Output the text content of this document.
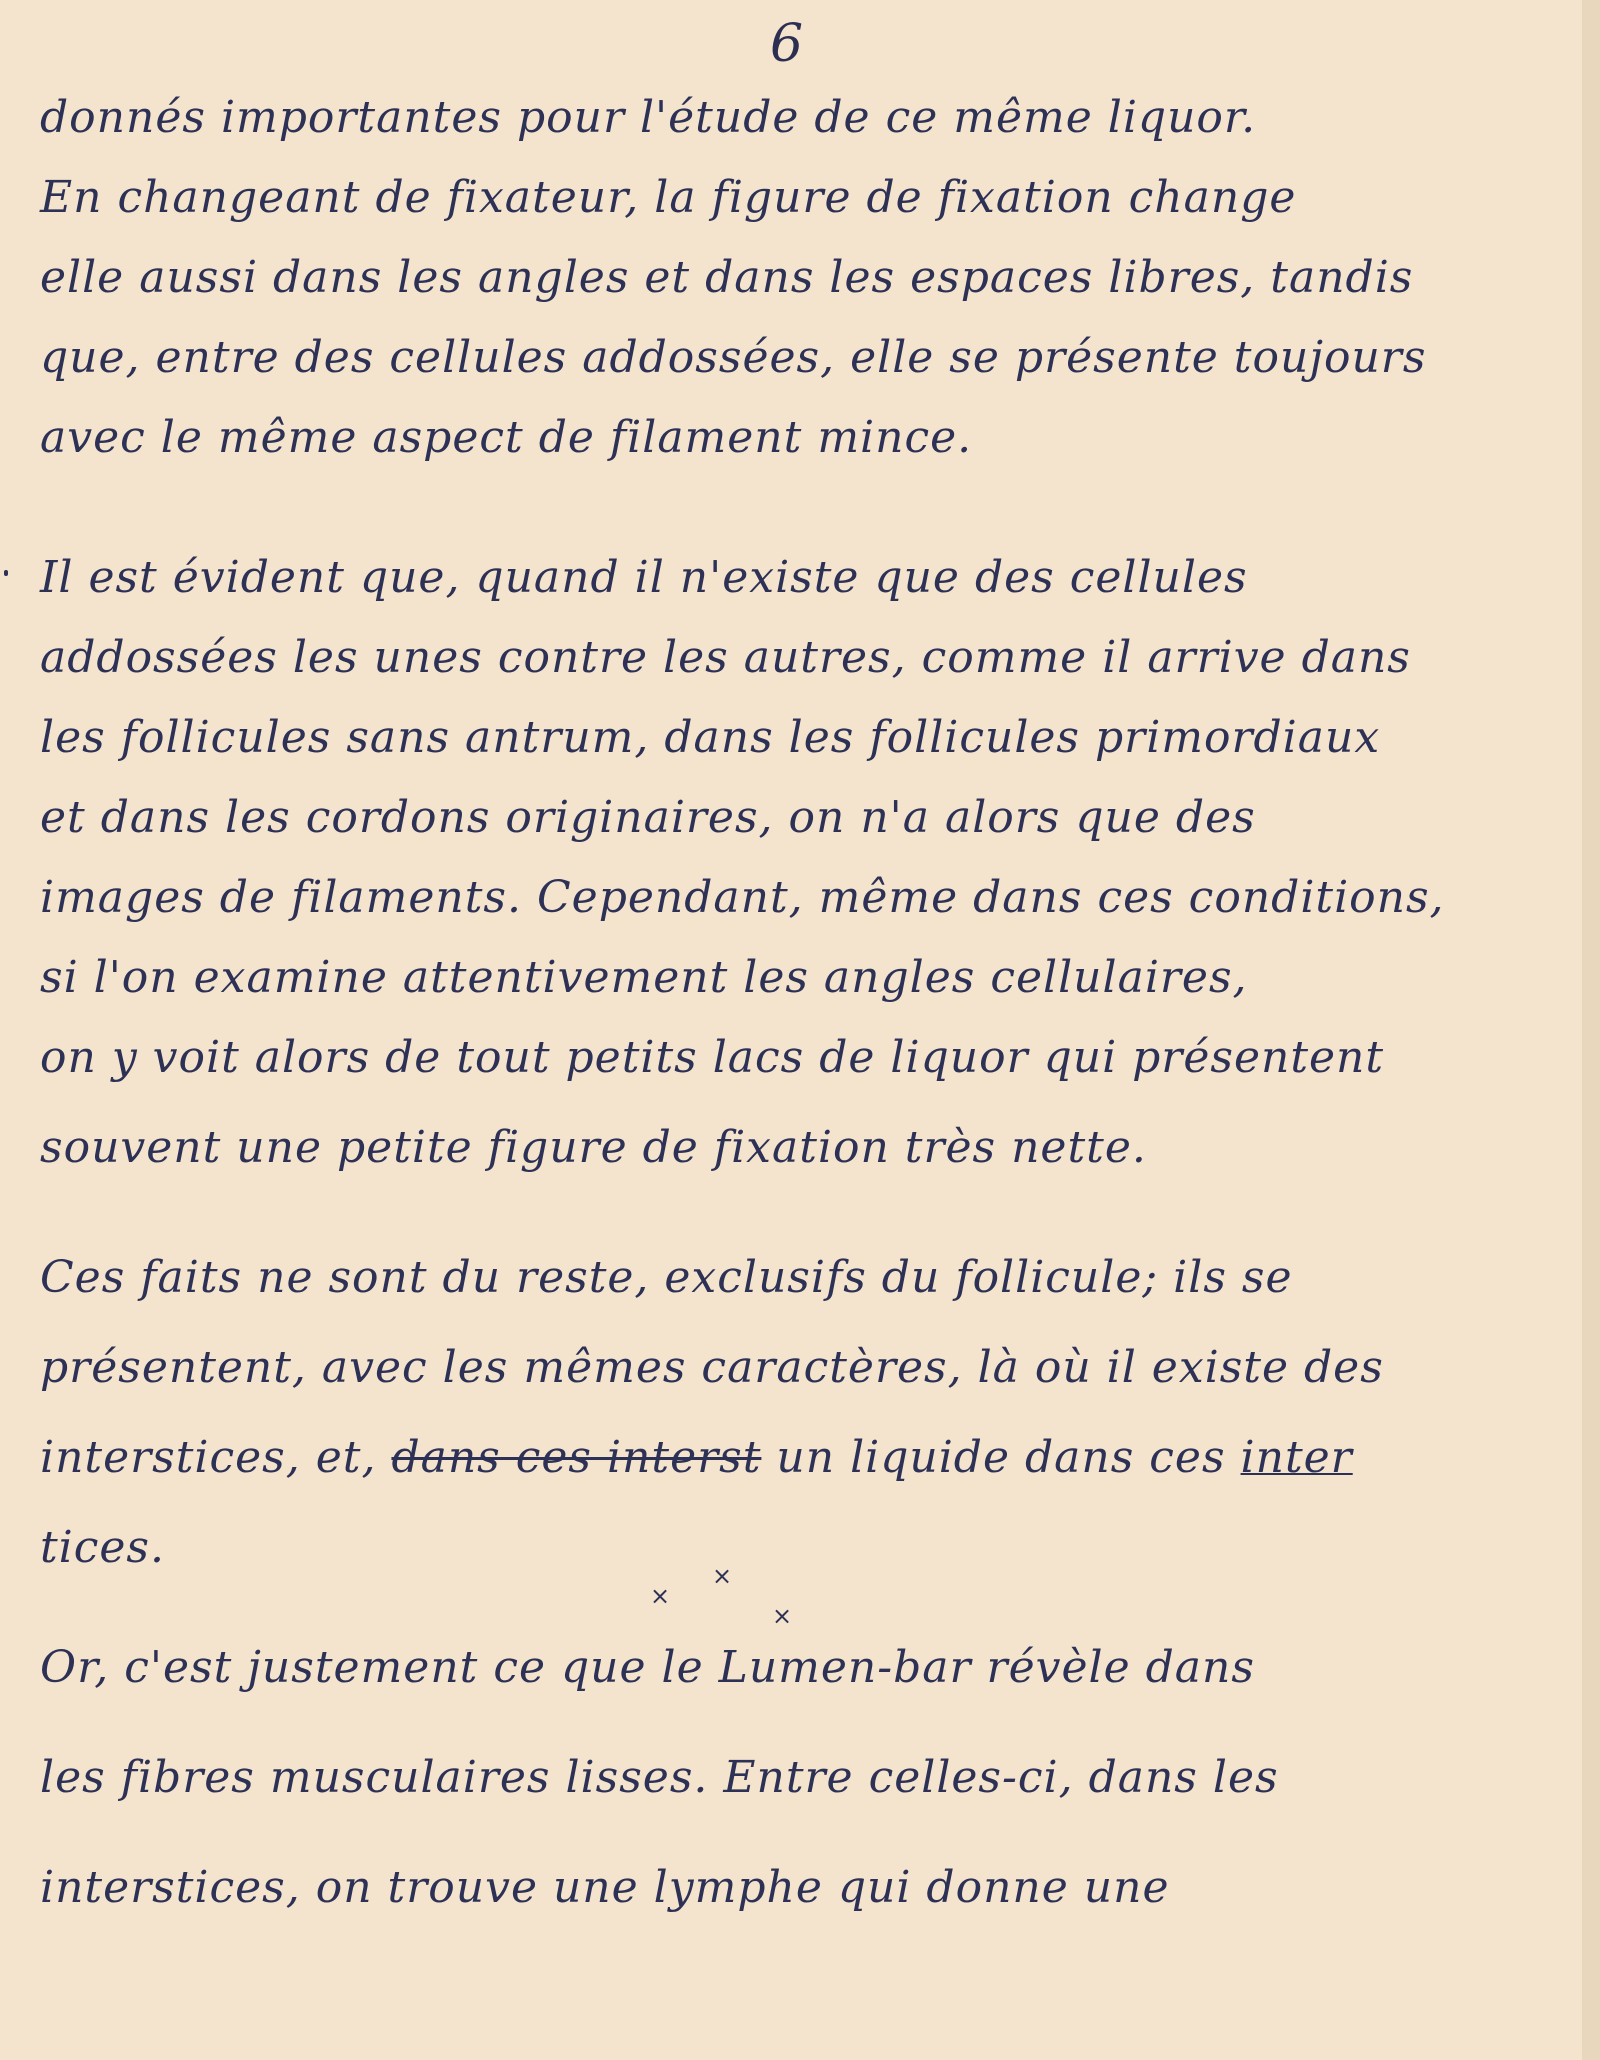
6
donnés importantes pour l'étude de ce même liquor.
En changeant de fixateur, la figure de fixation change
elle aussi dans les angles et dans les espaces libres, tandis
que, entre des cellules addossées, elle se présente toujours
avec le même aspect de filament mince.
Il est évident que, quand il n'existe que des cellules
addossées les unes contre les autres, comme il arrive dans
les follicules sans antrum, dans les follicules primordiaux
et dans les cordons originaires, on n'a alors que des
images de filaments. Cependant, même dans ces conditions,
si l'on examine attentivement les angles cellulaires,
on y voit alors de tout petits lacs de liquor qui présentent
souvent une petite figure de fixation très nette.
Ces faits ne sont du reste, exclusifs du follicule; ils se
présentent, avec les mêmes caractères, là où il existe des
interstices, et, dans ces interst un liquide dans ces inter
tices.
×
×
×
Or, c'est justement ce que le Lumen-bar révèle dans
les fibres musculaires lisses. Entre celles-ci, dans les
interstices, on trouve une lymphe qui donne une
